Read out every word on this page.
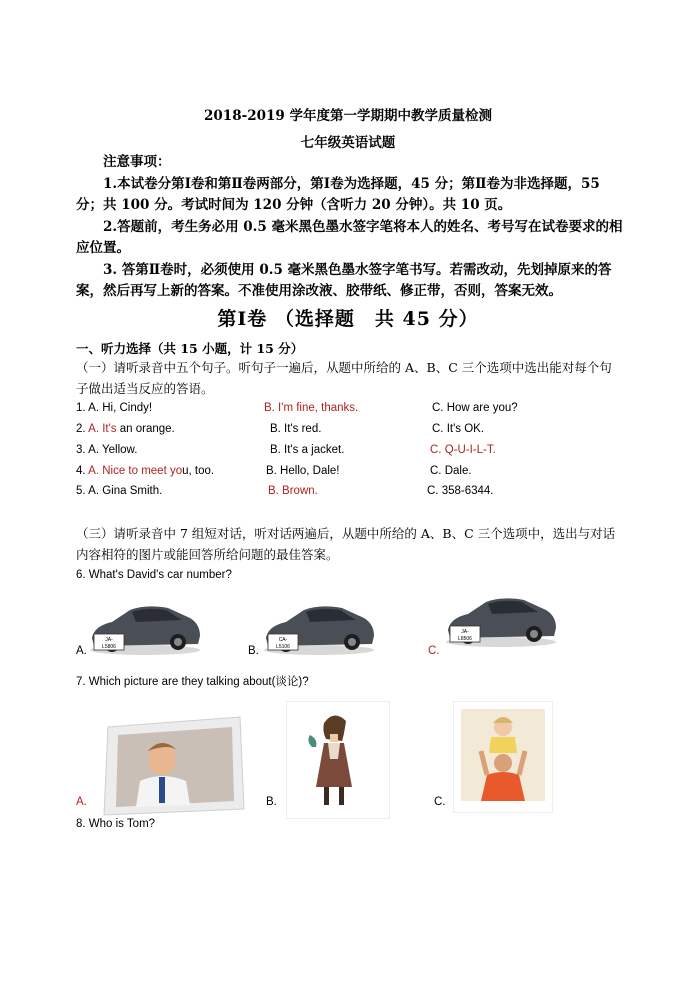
2018-2019 学年度第一学期期中教学质量检测
七年级英语试题

注意事项：

1.本试卷分第Ⅰ卷和第Ⅱ卷两部分，第Ⅰ卷为选择题，45 分；第Ⅱ卷为非选择题，55 分；共 100 分。考试时间为 120 分钟（含听力 20 分钟）。共 10 页。

2.答题前，考生务必用 0.5 毫米黑色墨水签字笔将本人的姓名、考号写在试卷要求的相应位置。

3. 答第Ⅱ卷时，必须使用 0.5 毫米黑色墨水签字笔书写。若需改动，先划掉原来的答案，然后再写上新的答案。不准使用涂改液、胶带纸、修正带，否则，答案无效。

第Ⅰ卷 （选择题　共 45 分）
一、听力选择（共 15 小题，计 15 分）
（一）请听录音中五个句子。听句子一遍后，从题中所给的 A、B、C 三个选项中选出能对每个句子做出适当反应的答语。
1. A. Hi, Cindy!	B. I'm fine, thanks.	C. How are you?
2. A. It's an orange.	B. It's red.	C. It's OK.
3. A. Yellow.	B. It's a jacket.	C. Q-U-I-L-T.
4. A. Nice to meet you, too.	B. Hello, Dale!	C. Dale.
5. A. Gina Smith.	B. Brown.	C. 358-6344.
（三）请听录音中 7 组短对话，听对话两遍后，从题中所给的 A、B、C 三个选项中，选出与对话内容相符的图片或能回答所给问题的最佳答案。
6. What's David's car number?
JA-
L5806
A.
CA-
L5106
B.
JA-
L8506
C.
7. Which picture are they talking about(谈论)?
A.	B.	C.
8. Who is Tom?
